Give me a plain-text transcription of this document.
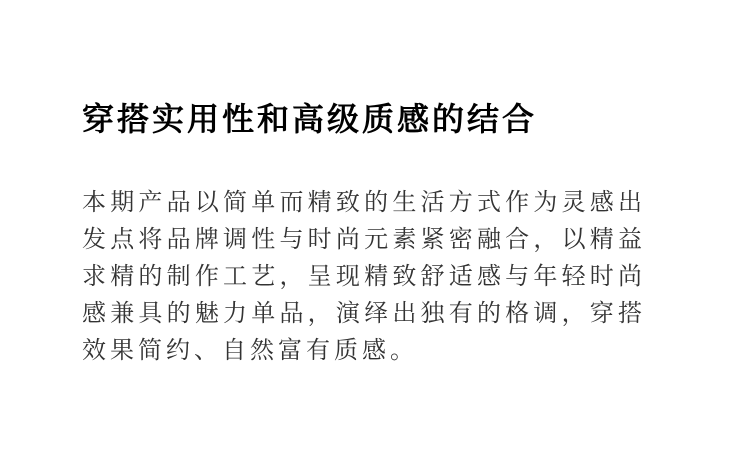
穿搭实用性和高级质感的结合

本期产品以简单而精致的生活方式作为灵感出发点将品牌调性与时尚元素紧密融合，以精益求精的制作工艺，呈现精致舒适感与年轻时尚感兼具的魅力单品，演绎出独有的格调，穿搭效果简约、自然富有质感。
